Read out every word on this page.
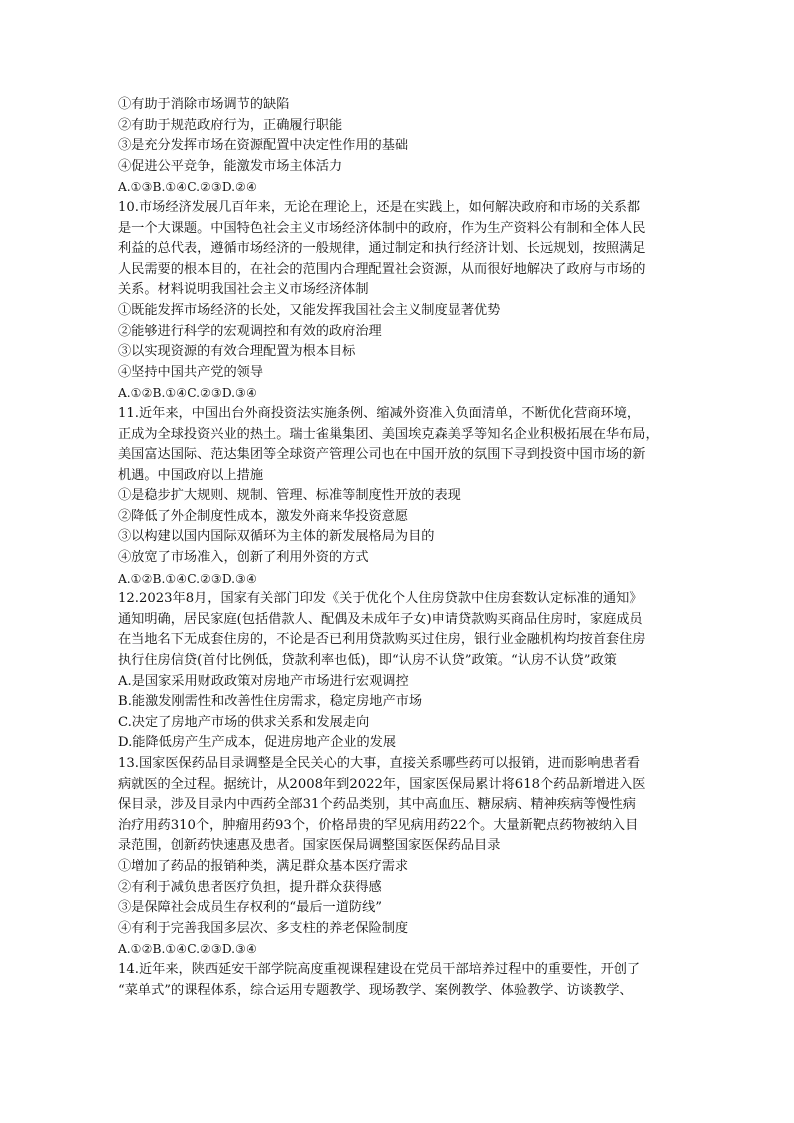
①有助于消除市场调节的缺陷
②有助于规范政府行为，正确履行职能
③是充分发挥市场在资源配置中决定性作用的基础
④促进公平竞争，能激发市场主体活力
A.①③B.①④C.②③D.②④
10.市场经济发展几百年来，无论在理论上，还是在实践上，如何解决政府和市场的关系都
是一个大课题。中国特色社会主义市场经济体制中的政府，作为生产资料公有制和全体人民
利益的总代表，遵循市场经济的一般规律，通过制定和执行经济计划、长远规划，按照满足
人民需要的根本目的，在社会的范围内合理配置社会资源，从而很好地解决了政府与市场的
关系。材料说明我国社会主义市场经济体制
①既能发挥市场经济的长处，又能发挥我国社会主义制度显著优势
②能够进行科学的宏观调控和有效的政府治理
③以实现资源的有效合理配置为根本目标
④坚持中国共产党的领导
A.①②B.①④C.②③D.③④
11.近年来，中国出台外商投资法实施条例、缩减外资准入负面清单，不断优化营商环境，
正成为全球投资兴业的热土。瑞士雀巢集团、美国埃克森美孚等知名企业积极拓展在华布局，
美国富达国际、范达集团等全球资产管理公司也在中国开放的氛围下寻到投资中国市场的新
机遇。中国政府以上措施
①是稳步扩大规则、规制、管理、标准等制度性开放的表现
②降低了外企制度性成本，激发外商来华投资意愿
③以构建以国内国际双循环为主体的新发展格局为目的
④放宽了市场准入，创新了利用外资的方式
A.①②B.①④C.②③D.③④
12.2023年8月，国家有关部门印发《关于优化个人住房贷款中住房套数认定标准的通知》
通知明确，居民家庭(包括借款人、配偶及未成年子女)申请贷款购买商品住房时，家庭成员
在当地名下无成套住房的，不论是否已利用贷款购买过住房，银行业金融机构均按首套住房
执行住房信贷(首付比例低，贷款利率也低)，即“认房不认贷”政策。“认房不认贷”政策
A.是国家采用财政政策对房地产市场进行宏观调控
B.能激发刚需性和改善性住房需求，稳定房地产市场
C.决定了房地产市场的供求关系和发展走向
D.能降低房产生产成本，促进房地产企业的发展
13.国家医保药品目录调整是全民关心的大事，直接关系哪些药可以报销，进而影响患者看
病就医的全过程。据统计，从2008年到2022年，国家医保局累计将618个药品新增进入医
保目录，涉及目录内中西药全部31个药品类别，其中高血压、糖尿病、精神疾病等慢性病
治疗用药310个，肿瘤用药93个，价格昂贵的罕见病用药22个。大量新靶点药物被纳入目
录范围，创新药快速惠及患者。国家医保局调整国家医保药品目录
①增加了药品的报销种类，满足群众基本医疗需求
②有利于减负患者医疗负担，提升群众获得感
③是保障社会成员生存权利的“最后一道防线”
④有利于完善我国多层次、多支柱的养老保险制度
A.①②B.①④C.②③D.③④
14.近年来，陕西延安干部学院高度重视课程建设在党员干部培养过程中的重要性，开创了
“菜单式”的课程体系，综合运用专题教学、现场教学、案例教学、体验教学、访谈教学、
